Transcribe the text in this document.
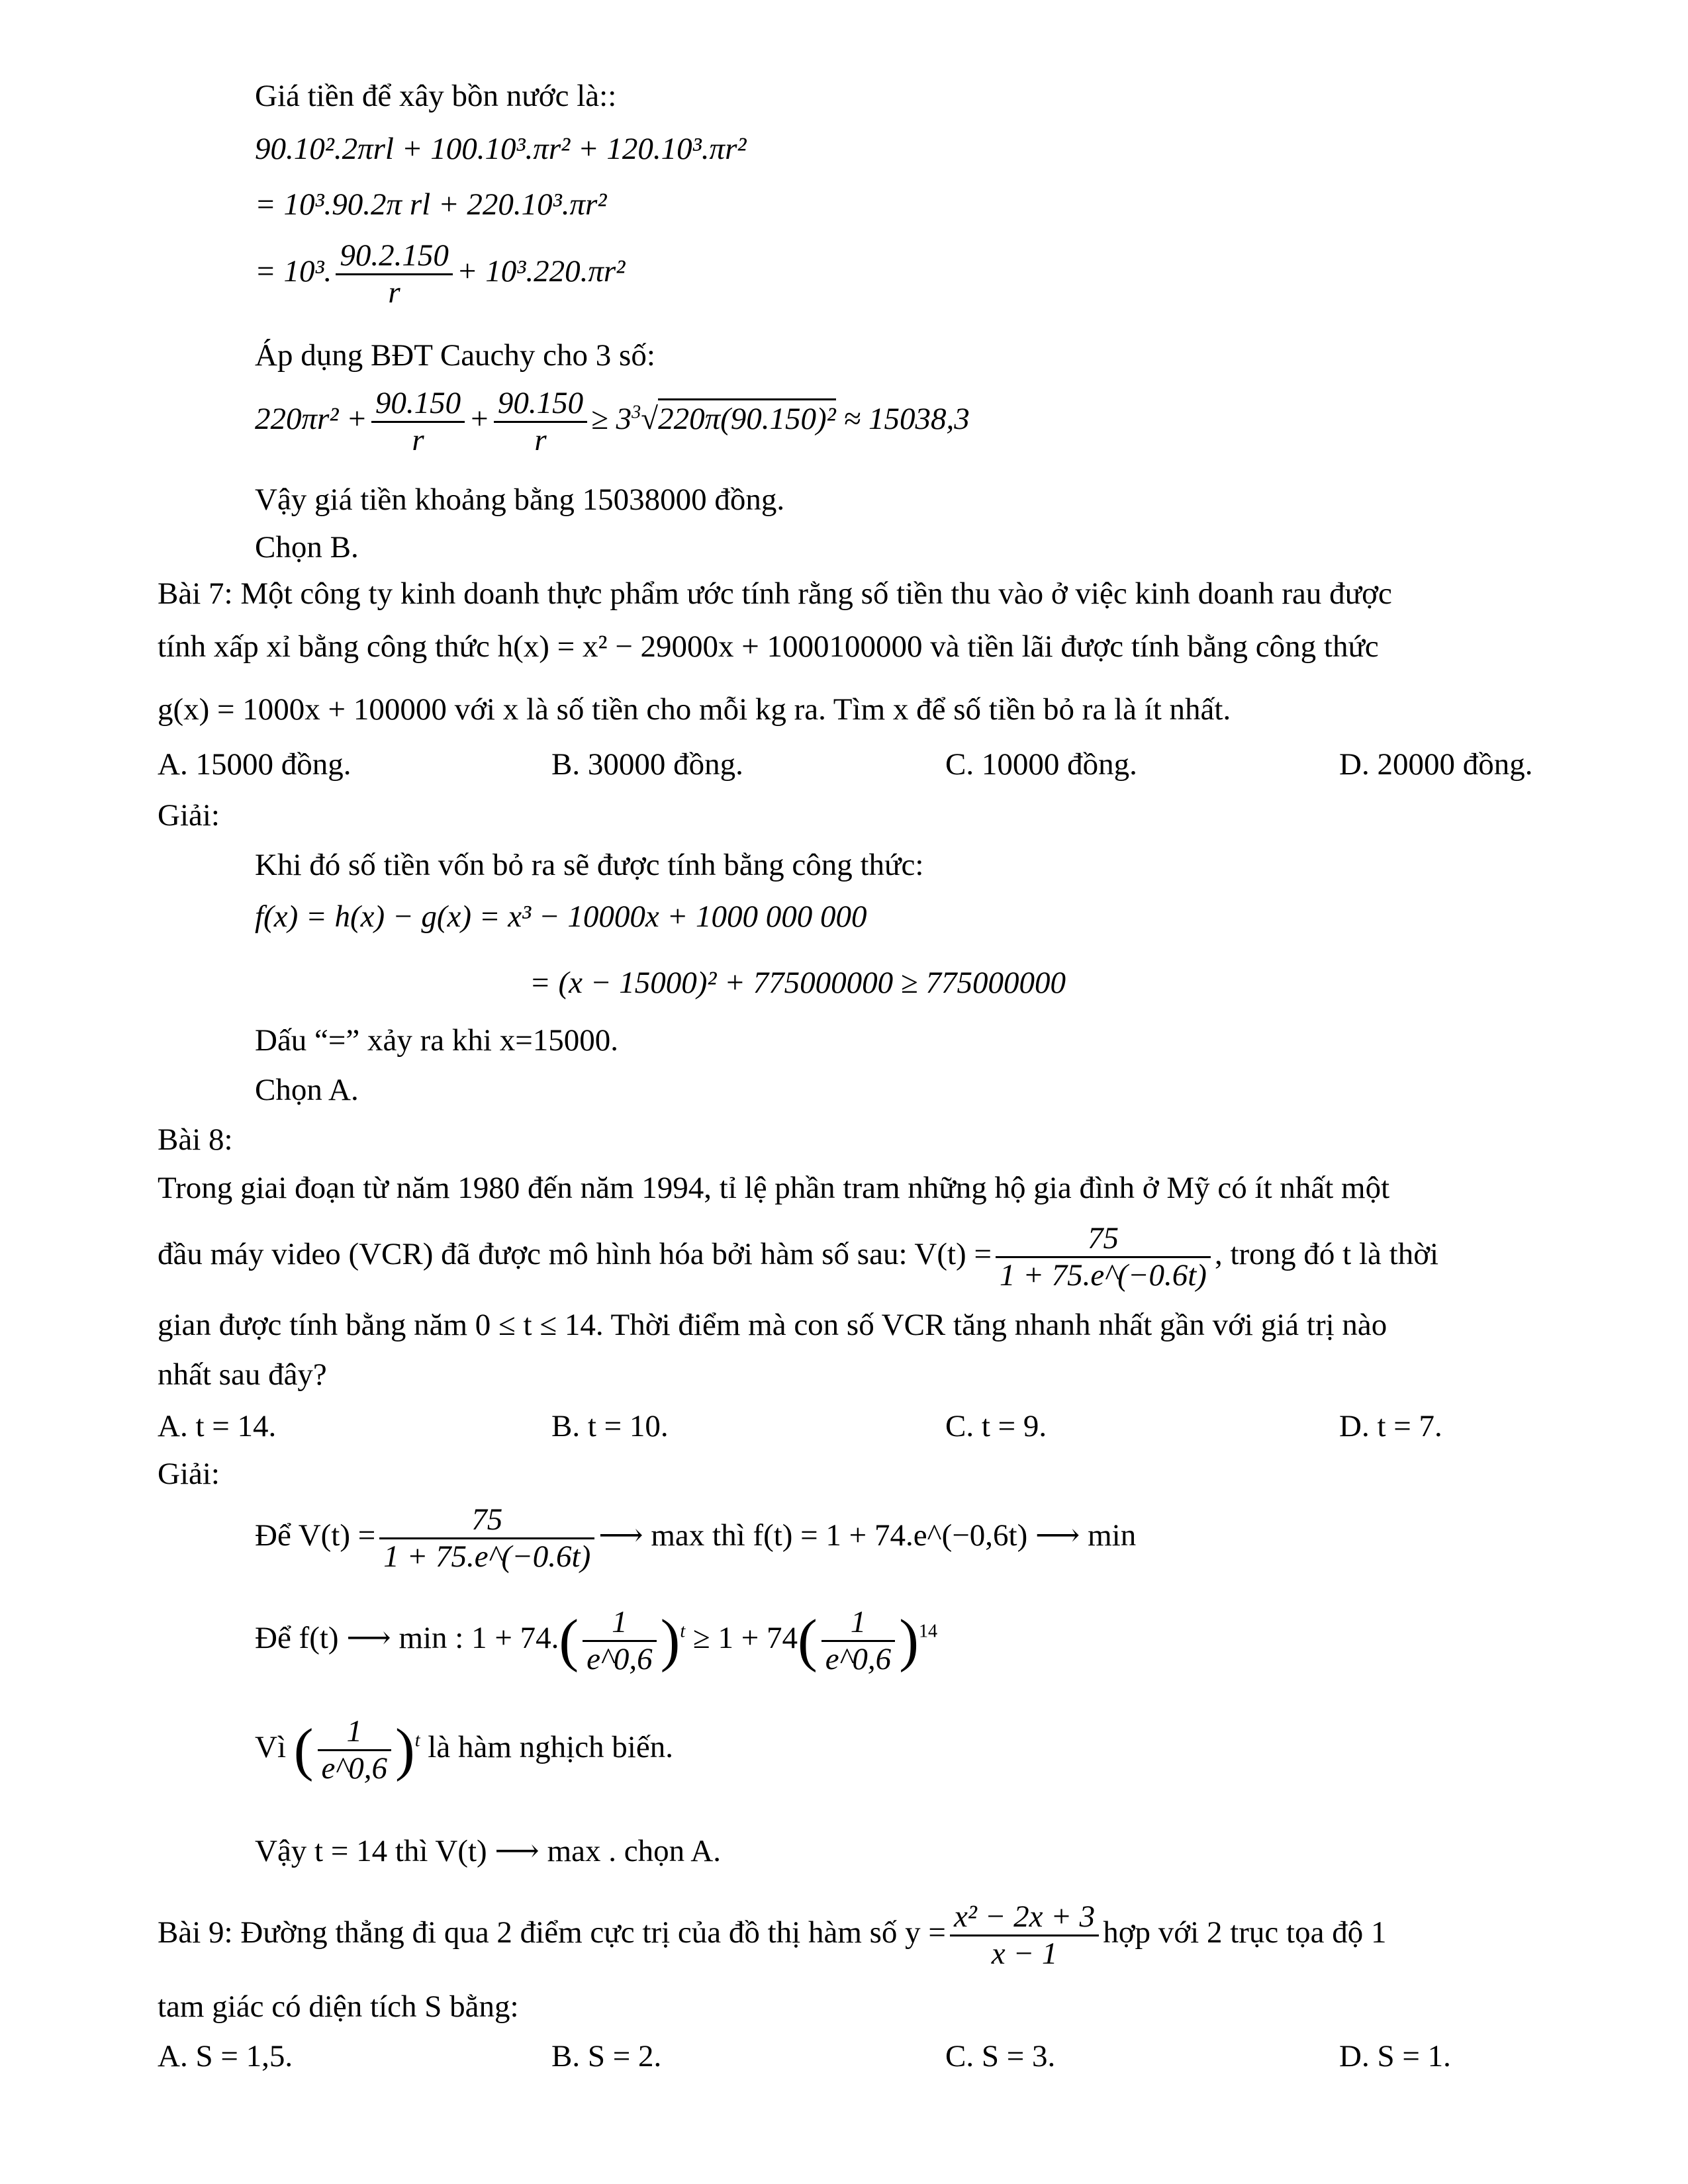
Giá tiền để xây bồn nước là::
90.10².2πrl + 100.10³.πr² + 120.10³.πr²
= 10³.90.2π rl + 220.10³.πr²
= 10³. $\frac{90.2.150}{r} + 10^3.220.\pi r^2$
Áp dụng BĐT Cauchy cho 3 số:
$220\pi r^2 + \frac{90.150}{r} + \frac{90.150}{r} \ge 3^3√220\pi(90.150)^2 \approx 15038,3$
Vậy giá tiền khoảng bằng 15038000 đồng.
Chọn B.
Bài 7: Một công ty kinh doanh thực phẩm ước tính rằng số tiền thu vào ở việc kinh doanh rau được
tính xấp xỉ bằng công thức h(x) = x² − 29000x + 1000100000 và tiền lãi được tính bằng công thức
g(x) = 1000x + 100000 với x là số tiền cho mỗi kg ra. Tìm x để số tiền bỏ ra là ít nhất.
A. 15000 đồng.	B. 30000 đồng.	C. 10000 đồng.	D. 20000 đồng.
Giải:
Khi đó số tiền vốn bỏ ra sẽ được tính bằng công thức:
f(x) = h(x) − g(x) = x³ − 10000x + 1000 000 000
= (x − 15000)² + 775000000 ≥ 775000000
Dấu “=” xảy ra khi x=15000.
Chọn A.
Bài 8:
Trong giai đoạn từ năm 1980 đến năm 1994, tỉ lệ phần tram những hộ gia đình ở Mỹ có ít nhất một
đầu máy video (VCR) đã được mô hình hóa bởi hàm số sau: $V(t) = \frac{75}{1 + 75.e\^{}(-0.6t)}$ , trong đó t là thời
gian được tính bằng năm 0 ≤ t ≤ 14. Thời điểm mà con số VCR tăng nhanh nhất gần với giá trị nào
nhất sau đây?
A. t = 14.	B. t = 10.	C. t = 9.	D. t = 7.
Giải:
Để $V(t) = \frac{75}{1 + 75.e\^{}(-0.6t)}$ ⟶ max thì f(t) = 1 + 74.e^(−0,6t) ⟶ min
Để f(t) ⟶ min : $1 + 74.( \frac{1}{e\^{}0,6} )^t \ge 1 + 74( \frac{1}{e\^{}0,6} )^{14}$
Vì ( $\frac{1}{e\^{}0,6} )^t$ là hàm nghịch biến.
Vậy t = 14 thì V(t) ⟶ max . chọn A.
Bài 9: Đường thẳng đi qua 2 điểm cực trị của đồ thị hàm số $y = \frac{\text{x² − 2x + 3}}{x - 1}$ hợp với 2 trục tọa độ 1
tam giác có diện tích S bằng:
A. S = 1,5.	B. S = 2.	C. S = 3.	D. S = 1.
